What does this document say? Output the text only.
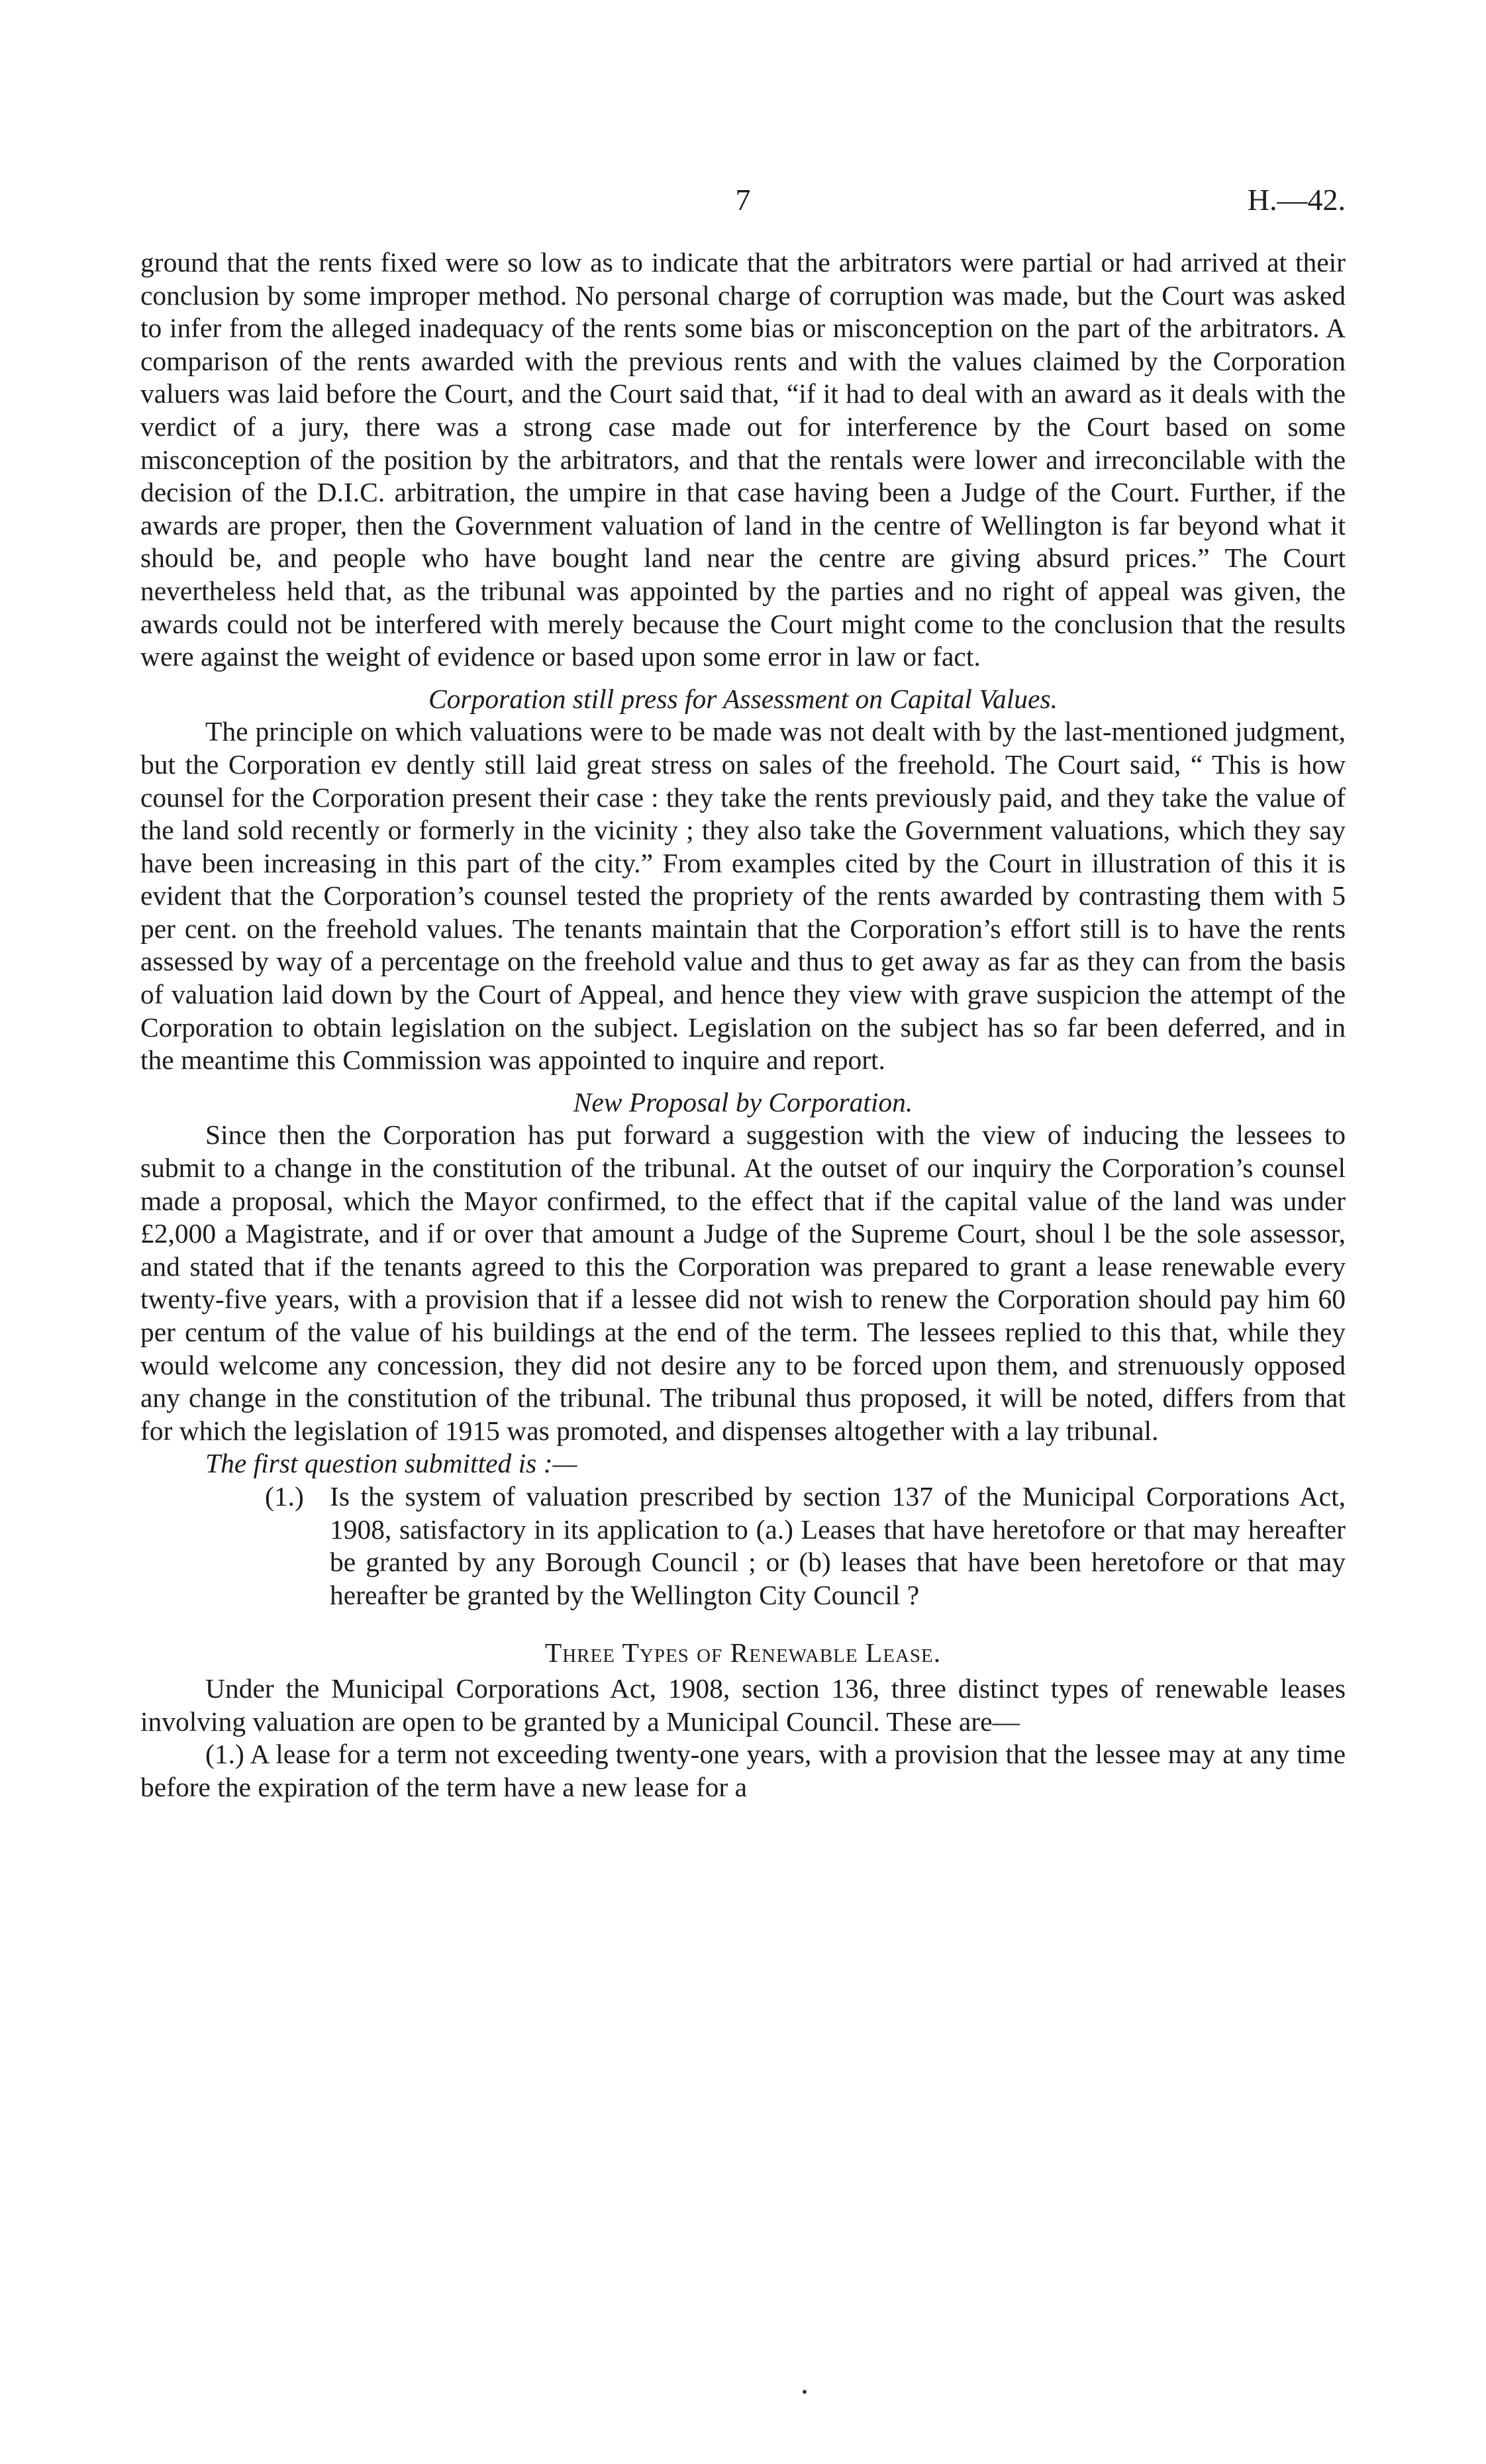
7	H.—42.

ground that the rents fixed were so low as to indicate that the arbitrators were partial or had arrived at their conclusion by some improper method. No personal charge of corruption was made, but the Court was asked to infer from the alleged inadequacy of the rents some bias or misconception on the part of the arbitrators. A comparison of the rents awarded with the previous rents and with the values claimed by the Corporation valuers was laid before the Court, and the Court said that, “if it had to deal with an award as it deals with the verdict of a jury, there was a strong case made out for interference by the Court based on some misconception of the position by the arbitrators, and that the rentals were lower and irreconcilable with the decision of the D.I.C. arbitration, the umpire in that case having been a Judge of the Court. Further, if the awards are proper, then the Government valuation of land in the centre of Wellington is far beyond what it should be, and people who have bought land near the centre are giving absurd prices.” The Court nevertheless held that, as the tribunal was appointed by the parties and no right of appeal was given, the awards could not be interfered with merely because the Court might come to the conclusion that the results were against the weight of evidence or based upon some error in law or fact.

Corporation still press for Assessment on Capital Values.

The principle on which valuations were to be made was not dealt with by the last-mentioned judgment, but the Corporation ev dently still laid great stress on sales of the freehold. The Court said, “ This is how counsel for the Corporation present their case : they take the rents previously paid, and they take the value of the land sold recently or formerly in the vicinity ; they also take the Government valuations, which they say have been increasing in this part of the city.” From examples cited by the Court in illustration of this it is evident that the Corporation’s counsel tested the propriety of the rents awarded by contrasting them with 5 per cent. on the freehold values. The tenants maintain that the Corporation’s effort still is to have the rents assessed by way of a percentage on the freehold value and thus to get away as far as they can from the basis of valuation laid down by the Court of Appeal, and hence they view with grave suspicion the attempt of the Corporation to obtain legislation on the subject. Legislation on the subject has so far been deferred, and in the meantime this Commission was appointed to inquire and report.

New Proposal by Corporation.

Since then the Corporation has put forward a suggestion with the view of inducing the lessees to submit to a change in the constitution of the tribunal. At the outset of our inquiry the Corporation’s counsel made a proposal, which the Mayor confirmed, to the effect that if the capital value of the land was under £2,000 a Magistrate, and if or over that amount a Judge of the Supreme Court, shoul l be the sole assessor, and stated that if the tenants agreed to this the Corporation was prepared to grant a lease renewable every twenty-five years, with a provision that if a lessee did not wish to renew the Corporation should pay him 60 per centum of the value of his buildings at the end of the term. The lessees replied to this that, while they would welcome any concession, they did not desire any to be forced upon them, and strenuously opposed any change in the constitution of the tribunal. The tribunal thus proposed, it will be noted, differs from that for which the legislation of 1915 was promoted, and dispenses altogether with a lay tribunal.

The first question submitted is :—

(1.) Is the system of valuation prescribed by section 137 of the Municipal Corporations Act, 1908, satisfactory in its application to (a.) Leases that have heretofore or that may hereafter be granted by any Borough Council ; or (b) leases that have been heretofore or that may hereafter be granted by the Wellington City Council ?

Three Types of Renewable Lease.

Under the Municipal Corporations Act, 1908, section 136, three distinct types of renewable leases involving valuation are open to be granted by a Municipal Council. These are—

(1.) A lease for a term not exceeding twenty-one years, with a provision that the lessee may at any time before the expiration of the term have a new lease for a
